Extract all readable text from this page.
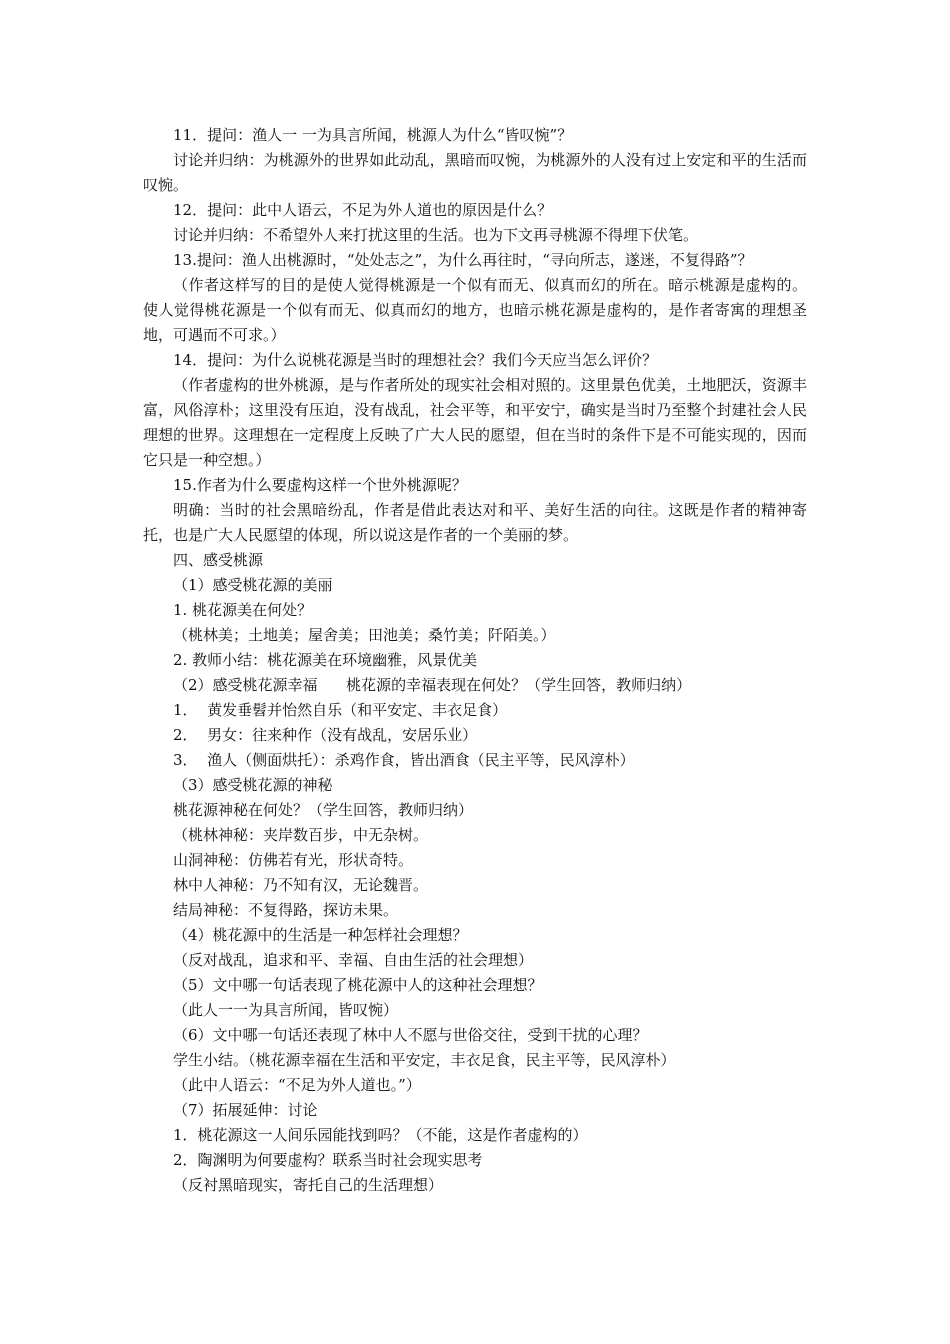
11．提问：渔人一 一为具言所闻，桃源人为什么“皆叹惋”？

讨论并归纳：为桃源外的世界如此动乱，黑暗而叹惋，为桃源外的人没有过上安定和平的生活而叹惋。

12．提问：此中人语云，不足为外人道也的原因是什么？

讨论并归纳：不希望外人来打扰这里的生活。也为下文再寻桃源不得埋下伏笔。

13.提问：渔人出桃源时，“处处志之”，为什么再往时，“寻向所志，遂迷，不复得路”？

（作者这样写的目的是使人觉得桃源是一个似有而无、似真而幻的所在。暗示桃源是虚构的。 使人觉得桃花源是一个似有而无、似真而幻的地方，也暗示桃花源是虚构的，是作者寄寓的理想圣地，可遇而不可求。）

14．提问：为什么说桃花源是当时的理想社会？我们今天应当怎么评价？

（作者虚构的世外桃源，是与作者所处的现实社会相对照的。这里景色优美，土地肥沃，资源丰富，风俗淳朴；这里没有压迫，没有战乱，社会平等，和平安宁，确实是当时乃至整个封建社会人民理想的世界。这理想在一定程度上反映了广大人民的愿望，但在当时的条件下是不可能实现的，因而它只是一种空想。）

15.作者为什么要虚构这样一个世外桃源呢？

明确：当时的社会黑暗纷乱，作者是借此表达对和平、美好生活的向往。这既是作者的精神寄托，也是广大人民愿望的体现，所以说这是作者的一个美丽的梦。

四、感受桃源

（1）感受桃花源的美丽

1. 桃花源美在何处？

（桃林美；土地美；屋舍美；田池美；桑竹美；阡陌美。）

2. 教师小结：桃花源美在环境幽雅，风景优美

（2）感受桃花源幸福      桃花源的幸福表现在何处？（学生回答，教师归纳）

1．  黄发垂髫并怡然自乐（和平安定、丰衣足食）

2．  男女：往来种作（没有战乱，安居乐业）

3．  渔人（侧面烘托）：杀鸡作食，皆出酒食（民主平等，民风淳朴）

（3）感受桃花源的神秘

桃花源神秘在何处？（学生回答，教师归纳）

（桃林神秘：夹岸数百步，中无杂树。

山洞神秘：仿佛若有光，形状奇特。

林中人神秘：乃不知有汉，无论魏晋。

结局神秘：不复得路，探访未果。

（4）桃花源中的生活是一种怎样社会理想？

（反对战乱，追求和平、幸福、自由生活的社会理想）

（5）文中哪一句话表现了桃花源中人的这种社会理想？

（此人一一为具言所闻，皆叹惋）

（6）文中哪一句话还表现了林中人不愿与世俗交往，受到干扰的心理？

学生小结。（桃花源幸福在生活和平安定，丰衣足食，民主平等，民风淳朴）

（此中人语云：“不足为外人道也。”）

（7）拓展延伸：讨论

1．桃花源这一人间乐园能找到吗？（不能，这是作者虚构的）

2．陶渊明为何要虚构？联系当时社会现实思考

（反衬黑暗现实，寄托自己的生活理想）
